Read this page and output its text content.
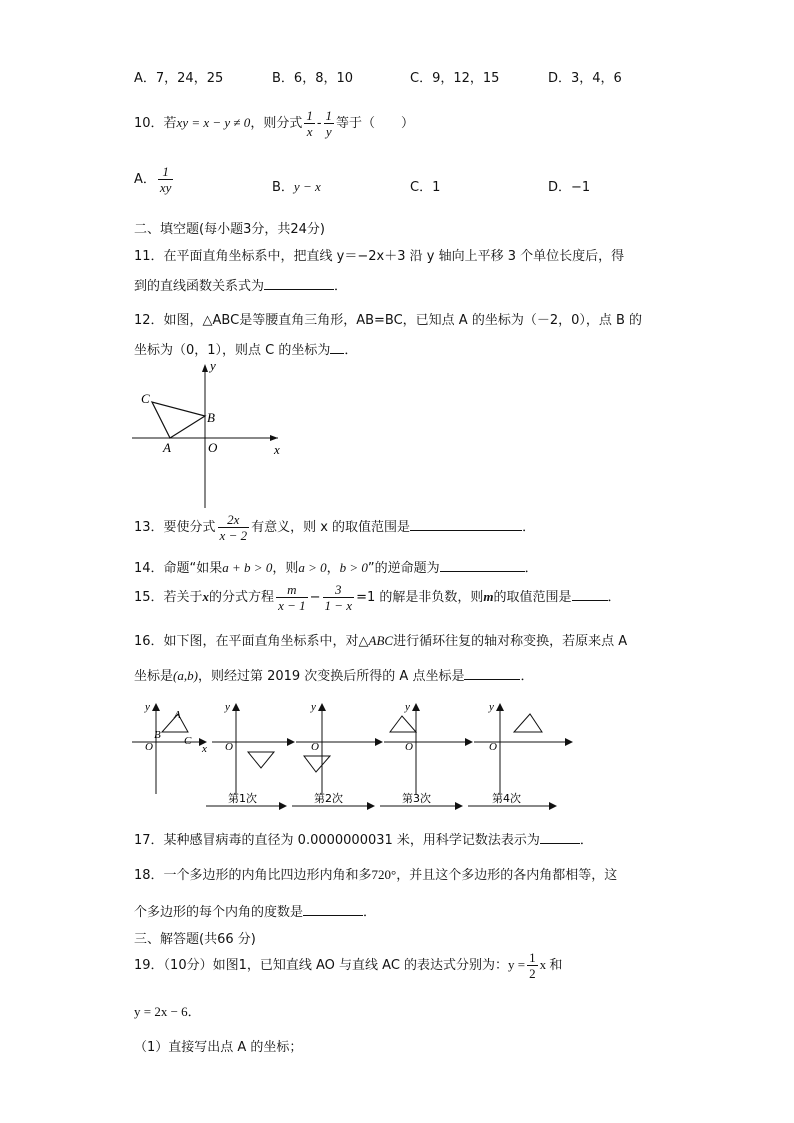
A．7，24，25	B．6，8，10	C．9，12，15	D．3，4，6
10．若xy = x − y ≠ 0，则分式 $\frac{1}{x} - \frac{1}{y}$ 等于（　　）
A． $\frac{1}{xy}$	B．y − x	C．1	D．−1
二、填空题(每小题3分，共24分)
11．在平面直角坐标系中，把直线 y＝−2x＋3 沿 y 轴向上平移 3 个单位长度后，得
到的直线函数关系式为	．
12．如图，△ABC是等腰直角三角形，AB=BC，已知点 A 的坐标为（－2，0），点 B 的
坐标为（0，1），则点 C 的坐标为 ．
y
x
C
B
A	O
13．要使分式 $\frac{2x}{x - 2}$ 有意义，则 x 的取值范围是	．
14．命题“如果a + b > 0，则a > 0，b > 0”的逆命题为	．
15．若关于x的分式方程 $\frac{m}{x - 1} - \frac{3}{1 - x} =1$ 的解是非负数，则m的取值范围是	．
16．如下图，在平面直角坐标系中，对△ABC进行循环往复的轴对称变换，若原来点 A
坐标是(a,b)，则经过第 2019 次变换后所得的 A 点坐标是	．
y
x
O
B
A
C
y
O
y
O
y
O
y
O
第1次	第2次	第3次	第4次
17．某种感冒病毒的直径为 0.0000000031 米，用科学记数法表示为	．
18．一个多边形的内角比四边形内角和多720°，并且这个多边形的各内角都相等，这
个多边形的每个内角的度数是	．
三、解答题(共66 分)
19．（10分）如图1，已知直线 AO 与直线 AC 的表达式分别为：$y = \frac{1}{2}$ x 和
y = 2x − 6．
（1）直接写出点 A 的坐标；
